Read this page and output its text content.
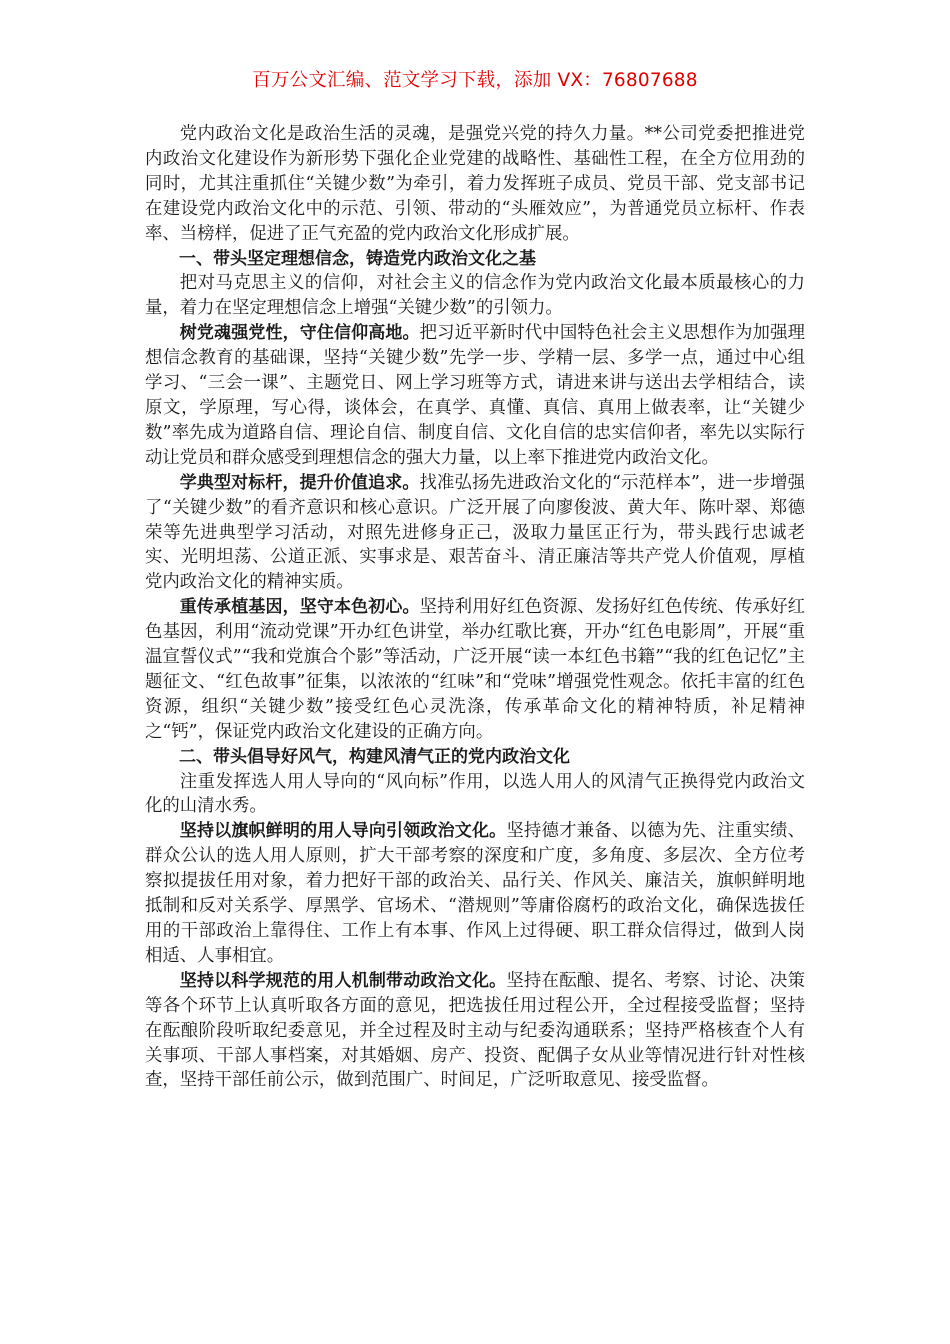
百万公文汇编、范文学习下载，添加 VX：76807688

党内政治文化是政治生活的灵魂，是强党兴党的持久力量。**公司党委把推进党内政治文化建设作为新形势下强化企业党建的战略性、基础性工程，在全方位用劲的同时，尤其注重抓住“关键少数”为牵引，着力发挥班子成员、党员干部、党支部书记在建设党内政治文化中的示范、引领、带动的“头雁效应”，为普通党员立标杆、作表率、当榜样，促进了正气充盈的党内政治文化形成扩展。

一、带头坚定理想信念，铸造党内政治文化之基

把对马克思主义的信仰，对社会主义的信念作为党内政治文化最本质最核心的力量，着力在坚定理想信念上增强“关键少数”的引领力。

树党魂强党性，守住信仰高地。把习近平新时代中国特色社会主义思想作为加强理想信念教育的基础课，坚持“关键少数”先学一步、学精一层、多学一点，通过中心组学习、“三会一课”、主题党日、网上学习班等方式，请进来讲与送出去学相结合，读原文，学原理，写心得，谈体会，在真学、真懂、真信、真用上做表率，让“关键少数”率先成为道路自信、理论自信、制度自信、文化自信的忠实信仰者，率先以实际行动让党员和群众感受到理想信念的强大力量，以上率下推进党内政治文化。

学典型对标杆，提升价值追求。找准弘扬先进政治文化的“示范样本”，进一步增强了“关键少数”的看齐意识和核心意识。广泛开展了向廖俊波、黄大年、陈叶翠、郑德荣等先进典型学习活动，对照先进修身正己，汲取力量匡正行为，带头践行忠诚老实、光明坦荡、公道正派、实事求是、艰苦奋斗、清正廉洁等共产党人价值观，厚植党内政治文化的精神实质。

重传承植基因，坚守本色初心。坚持利用好红色资源、发扬好红色传统、传承好红色基因，利用“流动党课”开办红色讲堂，举办红歌比赛，开办“红色电影周”，开展“重温宣誓仪式”“我和党旗合个影”等活动，广泛开展“读一本红色书籍”“我的红色记忆”主题征文、“红色故事”征集，以浓浓的“红味”和“党味”增强党性观念。依托丰富的红色资源，组织“关键少数”接受红色心灵洗涤，传承革命文化的精神特质，补足精神之“钙”，保证党内政治文化建设的正确方向。

二、带头倡导好风气，构建风清气正的党内政治文化

注重发挥选人用人导向的“风向标”作用，以选人用人的风清气正换得党内政治文化的山清水秀。

坚持以旗帜鲜明的用人导向引领政治文化。坚持德才兼备、以德为先、注重实绩、群众公认的选人用人原则，扩大干部考察的深度和广度，多角度、多层次、全方位考察拟提拔任用对象，着力把好干部的政治关、品行关、作风关、廉洁关，旗帜鲜明地抵制和反对关系学、厚黑学、官场术、“潜规则”等庸俗腐朽的政治文化，确保选拔任用的干部政治上靠得住、工作上有本事、作风上过得硬、职工群众信得过，做到人岗相适、人事相宜。

坚持以科学规范的用人机制带动政治文化。坚持在酝酿、提名、考察、讨论、决策等各个环节上认真听取各方面的意见，把选拔任用过程公开，全过程接受监督；坚持在酝酿阶段听取纪委意见，并全过程及时主动与纪委沟通联系；坚持严格核查个人有关事项、干部人事档案，对其婚姻、房产、投资、配偶子女从业等情况进行针对性核查，坚持干部任前公示，做到范围广、时间足，广泛听取意见、接受监督。
